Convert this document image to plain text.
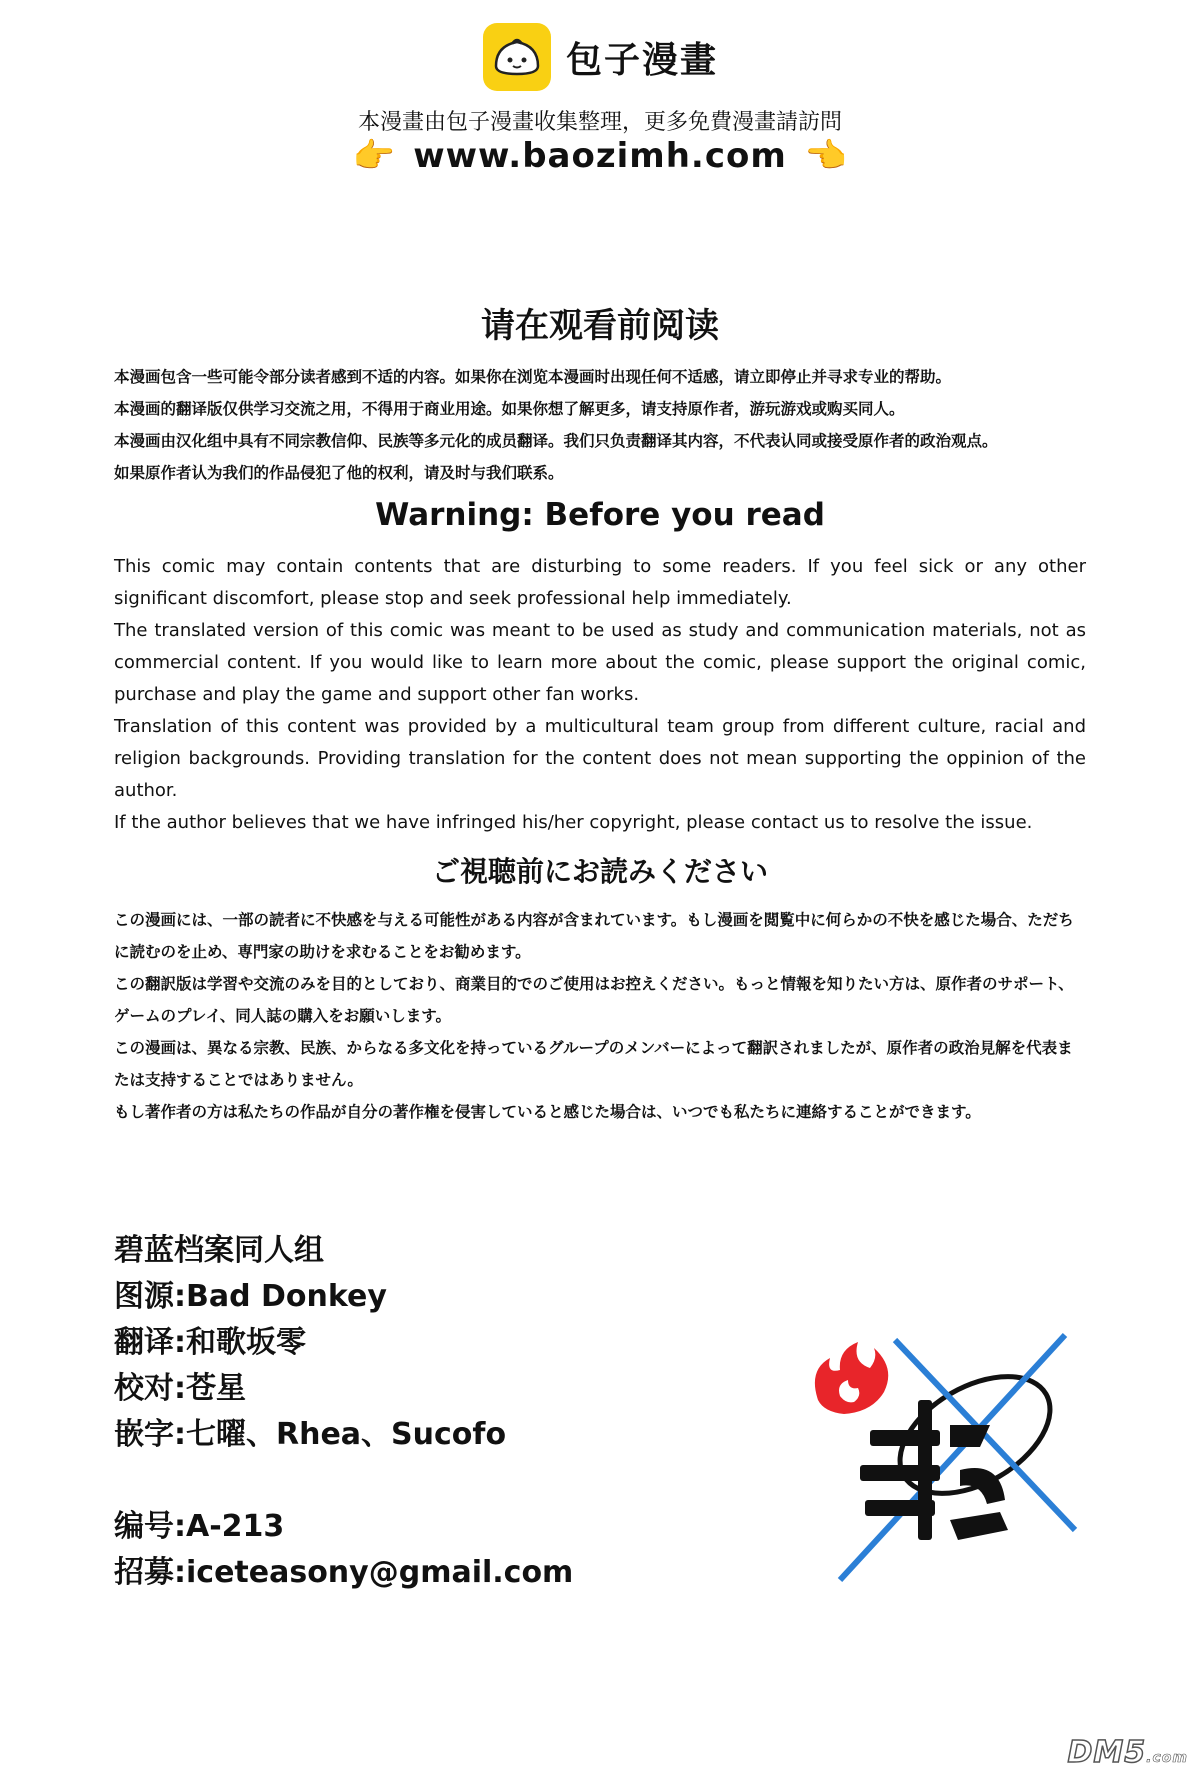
包子漫畫
本漫畫由包子漫畫收集整理，更多免費漫畫請訪問
👉 www.baozimh.com 👈
请在观看前阅读

本漫画包含一些可能令部分读者感到不适的内容。如果你在浏览本漫画时出现任何不适感，请立即停止并寻求专业的帮助。

本漫画的翻译版仅供学习交流之用，不得用于商业用途。如果你想了解更多，请支持原作者，游玩游戏或购买同人。

本漫画由汉化组中具有不同宗教信仰、民族等多元化的成员翻译。我们只负责翻译其内容，不代表认同或接受原作者的政治观点。

如果原作者认为我们的作品侵犯了他的权利，请及时与我们联系。

Warning: Before you read

This comic may contain contents that are disturbing to some readers. If you feel sick or any other significant discomfort, please stop and seek professional help immediately.

The translated version of this comic was meant to be used as study and communication materials, not as commercial content. If you would like to learn more about the comic, please support the original comic, purchase and play the game and support other fan works.

Translation of this content was provided by a multicultural team group from different culture, racial and religion backgrounds. Providing translation for the content does not mean supporting the oppinion of the author.

If the author believes that we have infringed his/her copyright, please contact us to resolve the issue.

ご視聴前にお読みください

この漫画には、一部の読者に不快感を与える可能性がある内容が含まれています。もし漫画を閲覧中に何らかの不快を感じた場合、ただちに読むのを止め、専門家の助けを求むることをお勧めます。

この翻訳版は学習や交流のみを目的としており、商業目的でのご使用はお控えください。もっと情報を知りたい方は、原作者のサポート、ゲームのプレイ、同人誌の購入をお願いします。

この漫画は、異なる宗教、民族、からなる多文化を持っているグループのメンバーによって翻訳されましたが、原作者の政治見解を代表または支持することではありません。

もし著作者の方は私たちの作品が自分の著作権を侵害していると感じた場合は、いつでも私たちに連絡することができます。

碧蓝档案同人组
图源:Bad Donkey
翻译:和歌坂零
校对:苍星
嵌字:七曜、Rhea、Sucofo
编号:A-213
招募:iceteasony@gmail.com
DM5.com
